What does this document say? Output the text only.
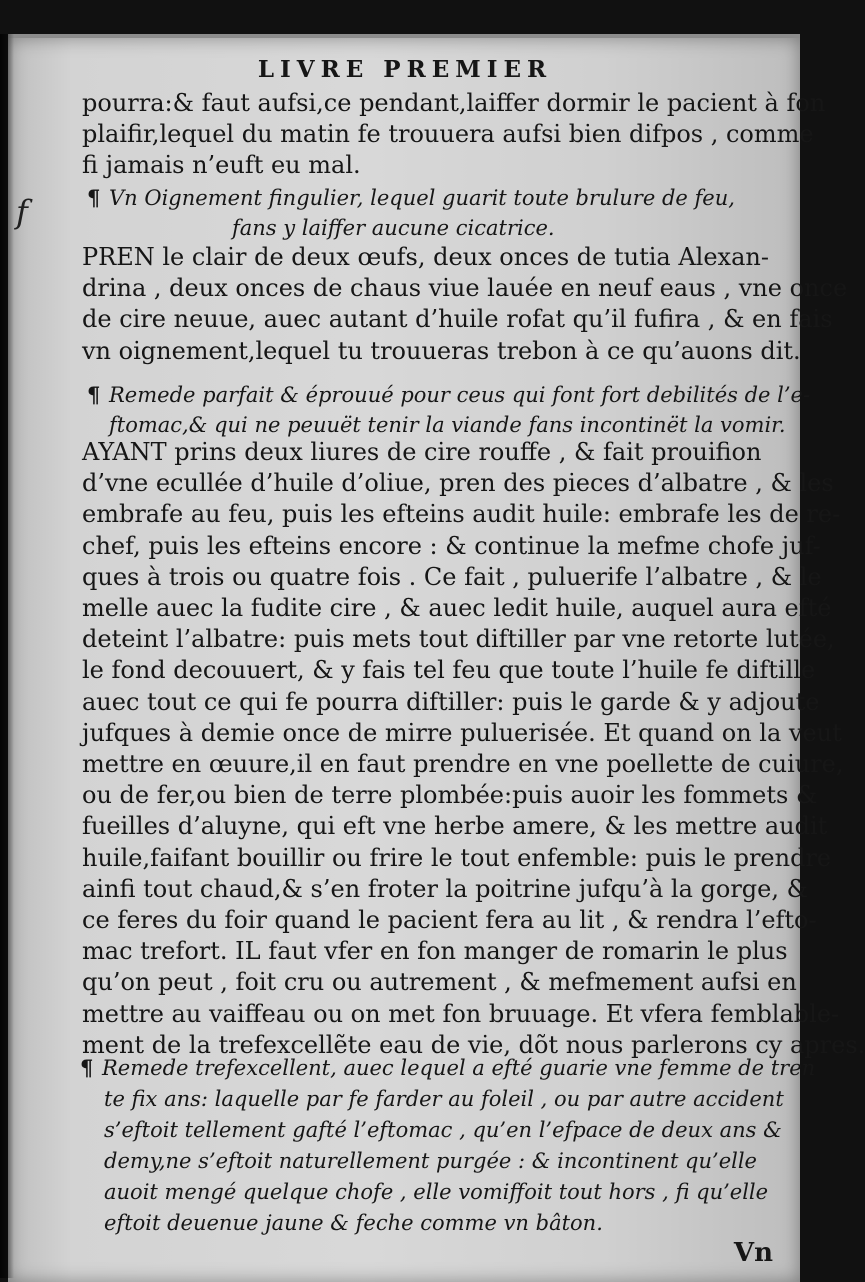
LIVRE PREMIER
f
pourra:& faut aufsi,ce pendant,laiffer dormir le pacient à fon
plaifir,lequel du matin fe trouuera aufsi bien difpos , comme
fi jamais n’euft eu mal.
¶ Vn Oignement fingulier, lequel guarit toute brulure de feu,
fans y laiffer aucune cicatrice.
PREN le clair de deux œufs, deux onces de tutia Alexan-
drina , deux onces de chaus viue lauée en neuf eaus , vne once
de cire neuue, auec autant d’huile rofat qu’il fufira , & en fais
vn oignement,lequel tu trouueras trebon à ce qu’auons dit.
¶ Remede parfait & éprouué pour ceus qui font fort debilités de l’e-
ftomac,& qui ne peuuët tenir la viande fans incontinët la vomir.
AYANT prins deux liures de cire rouffe , & fait prouifion
d’vne ecullée d’huile d’oliue, pren des pieces d’albatre , & les
embrafe au feu, puis les efteins audit huile: embrafe les de re-
chef, puis les efteins encore : & continue la mefme chofe juf-
ques à trois ou quatre fois . Ce fait , puluerife l’albatre , & le
melle auec la fudite cire , & auec ledit huile, auquel aura efté
deteint l’albatre: puis mets tout diftiller par vne retorte lutée,
le fond decouuert, & y fais tel feu que toute l’huile fe diftille
auec tout ce qui fe pourra diftiller: puis le garde & y adjoute
jufques à demie once de mirre puluerisée. Et quand on la veut
mettre en œuure,il en faut prendre en vne poellette de cuiure,
ou de fer,ou bien de terre plombée:puis auoir les fommets &
fueilles d’aluyne, qui eft vne herbe amere, & les mettre audit
huile,faifant bouillir ou frire le tout enfemble: puis le prendre
ainfi tout chaud,& s’en froter la poitrine jufqu’à la gorge, &
ce feres du foir quand le pacient fera au lit , & rendra l’efto-
mac trefort. IL faut vfer en fon manger de romarin le plus
qu’on peut , foit cru ou autrement , & mefmement aufsi en
mettre au vaiffeau ou on met fon bruuage. Et vfera femblable-
ment de la trefexcellẽte eau de vie, dõt nous parlerons cy apres.
¶ Remede trefexcellent, auec lequel a efté guarie vne femme de tren
te fix ans: laquelle par fe farder au foleil , ou par autre accident
s’eftoit tellement gafté l’eftomac , qu’en l’efpace de deux ans &
demy,ne s’eftoit naturellement purgée : & incontinent qu’elle
auoit mengé quelque chofe , elle vomiffoit tout hors , fi qu’elle
eftoit deuenue jaune & feche comme vn bâton.
Vn
